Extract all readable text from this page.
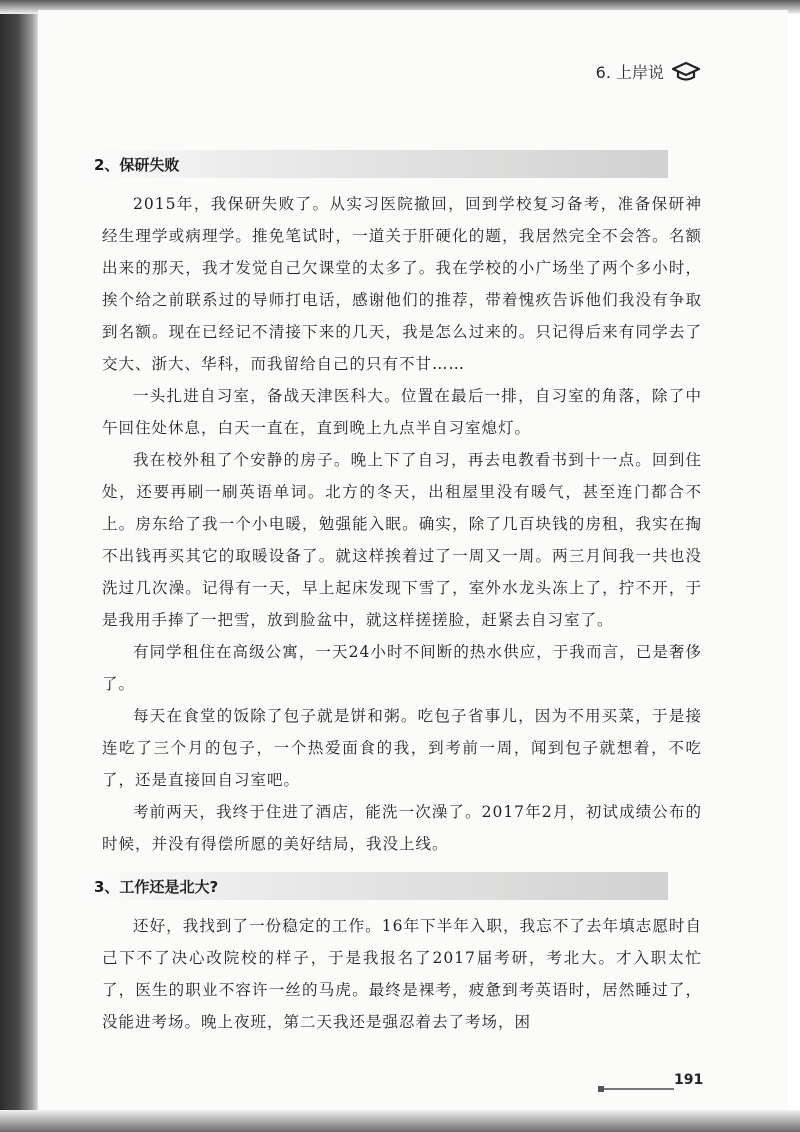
6. 上岸说
2、保研失败

2015年，我保研失败了。从实习医院撤回，回到学校复习备考，准备保研神经生理学或病理学。推免笔试时，一道关于肝硬化的题，我居然完全不会答。名额出来的那天，我才发觉自己欠课堂的太多了。我在学校的小广场坐了两个多小时，挨个给之前联系过的导师打电话，感谢他们的推荐，带着愧疚告诉他们我没有争取到名额。现在已经记不清接下来的几天，我是怎么过来的。只记得后来有同学去了交大、浙大、华科，而我留给自己的只有不甘……

一头扎进自习室，备战天津医科大。位置在最后一排，自习室的角落，除了中午回住处休息，白天一直在，直到晚上九点半自习室熄灯。

我在校外租了个安静的房子。晚上下了自习，再去电教看书到十一点。回到住处，还要再刷一刷英语单词。北方的冬天，出租屋里没有暖气，甚至连门都合不上。房东给了我一个小电暖，勉强能入眠。确实，除了几百块钱的房租，我实在掏不出钱再买其它的取暖设备了。就这样挨着过了一周又一周。两三月间我一共也没洗过几次澡。记得有一天，早上起床发现下雪了，室外水龙头冻上了，拧不开，于是我用手捧了一把雪，放到脸盆中，就这样搓搓脸，赶紧去自习室了。

有同学租住在高级公寓，一天24小时不间断的热水供应，于我而言，已是奢侈了。

每天在食堂的饭除了包子就是饼和粥。吃包子省事儿，因为不用买菜，于是接连吃了三个月的包子，一个热爱面食的我，到考前一周，闻到包子就想着，不吃了，还是直接回自习室吧。

考前两天，我终于住进了酒店，能洗一次澡了。2017年2月，初试成绩公布的时候，并没有得偿所愿的美好结局，我没上线。

3、工作还是北大?

还好，我找到了一份稳定的工作。16年下半年入职，我忘不了去年填志愿时自己下不了决心改院校的样子，于是我报名了2017届考研，考北大。才入职太忙了，医生的职业不容许一丝的马虎。最终是裸考，疲惫到考英语时，居然睡过了，没能进考场。晚上夜班，第二天我还是强忍着去了考场，困

191
